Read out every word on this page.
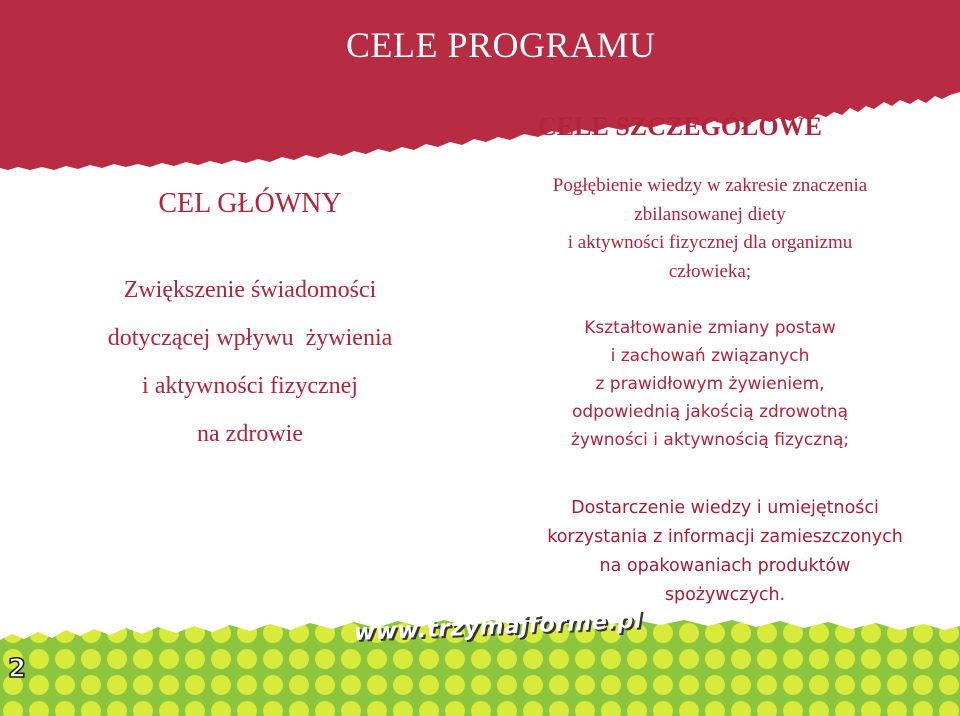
CELE PROGRAMU
CELE SZCZEGÓŁOWE

CEL GŁÓWNY

Zwiększenie świadomości

dotyczącej wpływu  żywienia

i aktywności fizycznej

na zdrowie

Pogłębienie wiedzy w zakresie znaczenia
zbilansowanej diety
i aktywności fizycznej dla organizmu
człowieka;
Kształtowanie zmiany postaw
i zachowań związanych
z prawidłowym żywieniem,
odpowiednią jakością zdrowotną
żywności i aktywnością fizyczną;
Dostarczenie wiedzy i umiejętności
korzystania z informacji zamieszczonych
na opakowaniach produktów
spożywczych.
www.trzymajforme.pl
2
